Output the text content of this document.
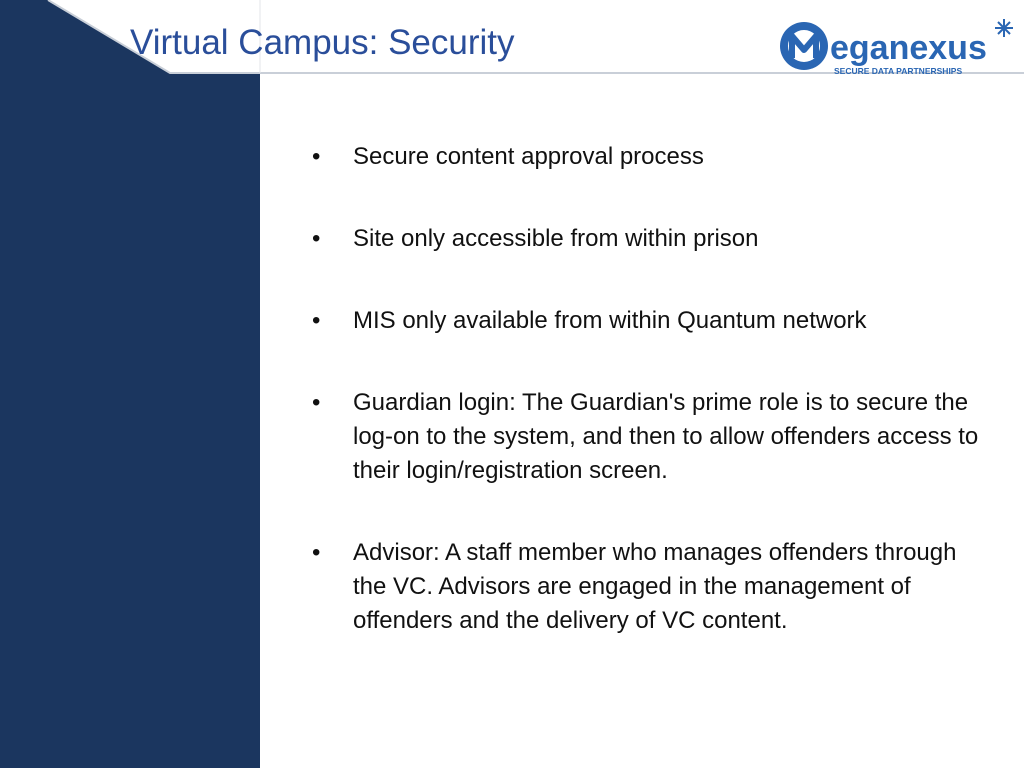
Virtual Campus: Security	eganexus
SECURE DATA PARTNERSHIPS
• Secure content approval process
• Site only accessible from within prison
• MIS only available from within Quantum network
• Guardian login: The Guardian's prime role is to secure the log-on to the system, and then to allow offenders access to their login/registration screen.
• Advisor: A staff member who manages offenders through the VC. Advisors are engaged in the management of offenders and the delivery of VC content.
